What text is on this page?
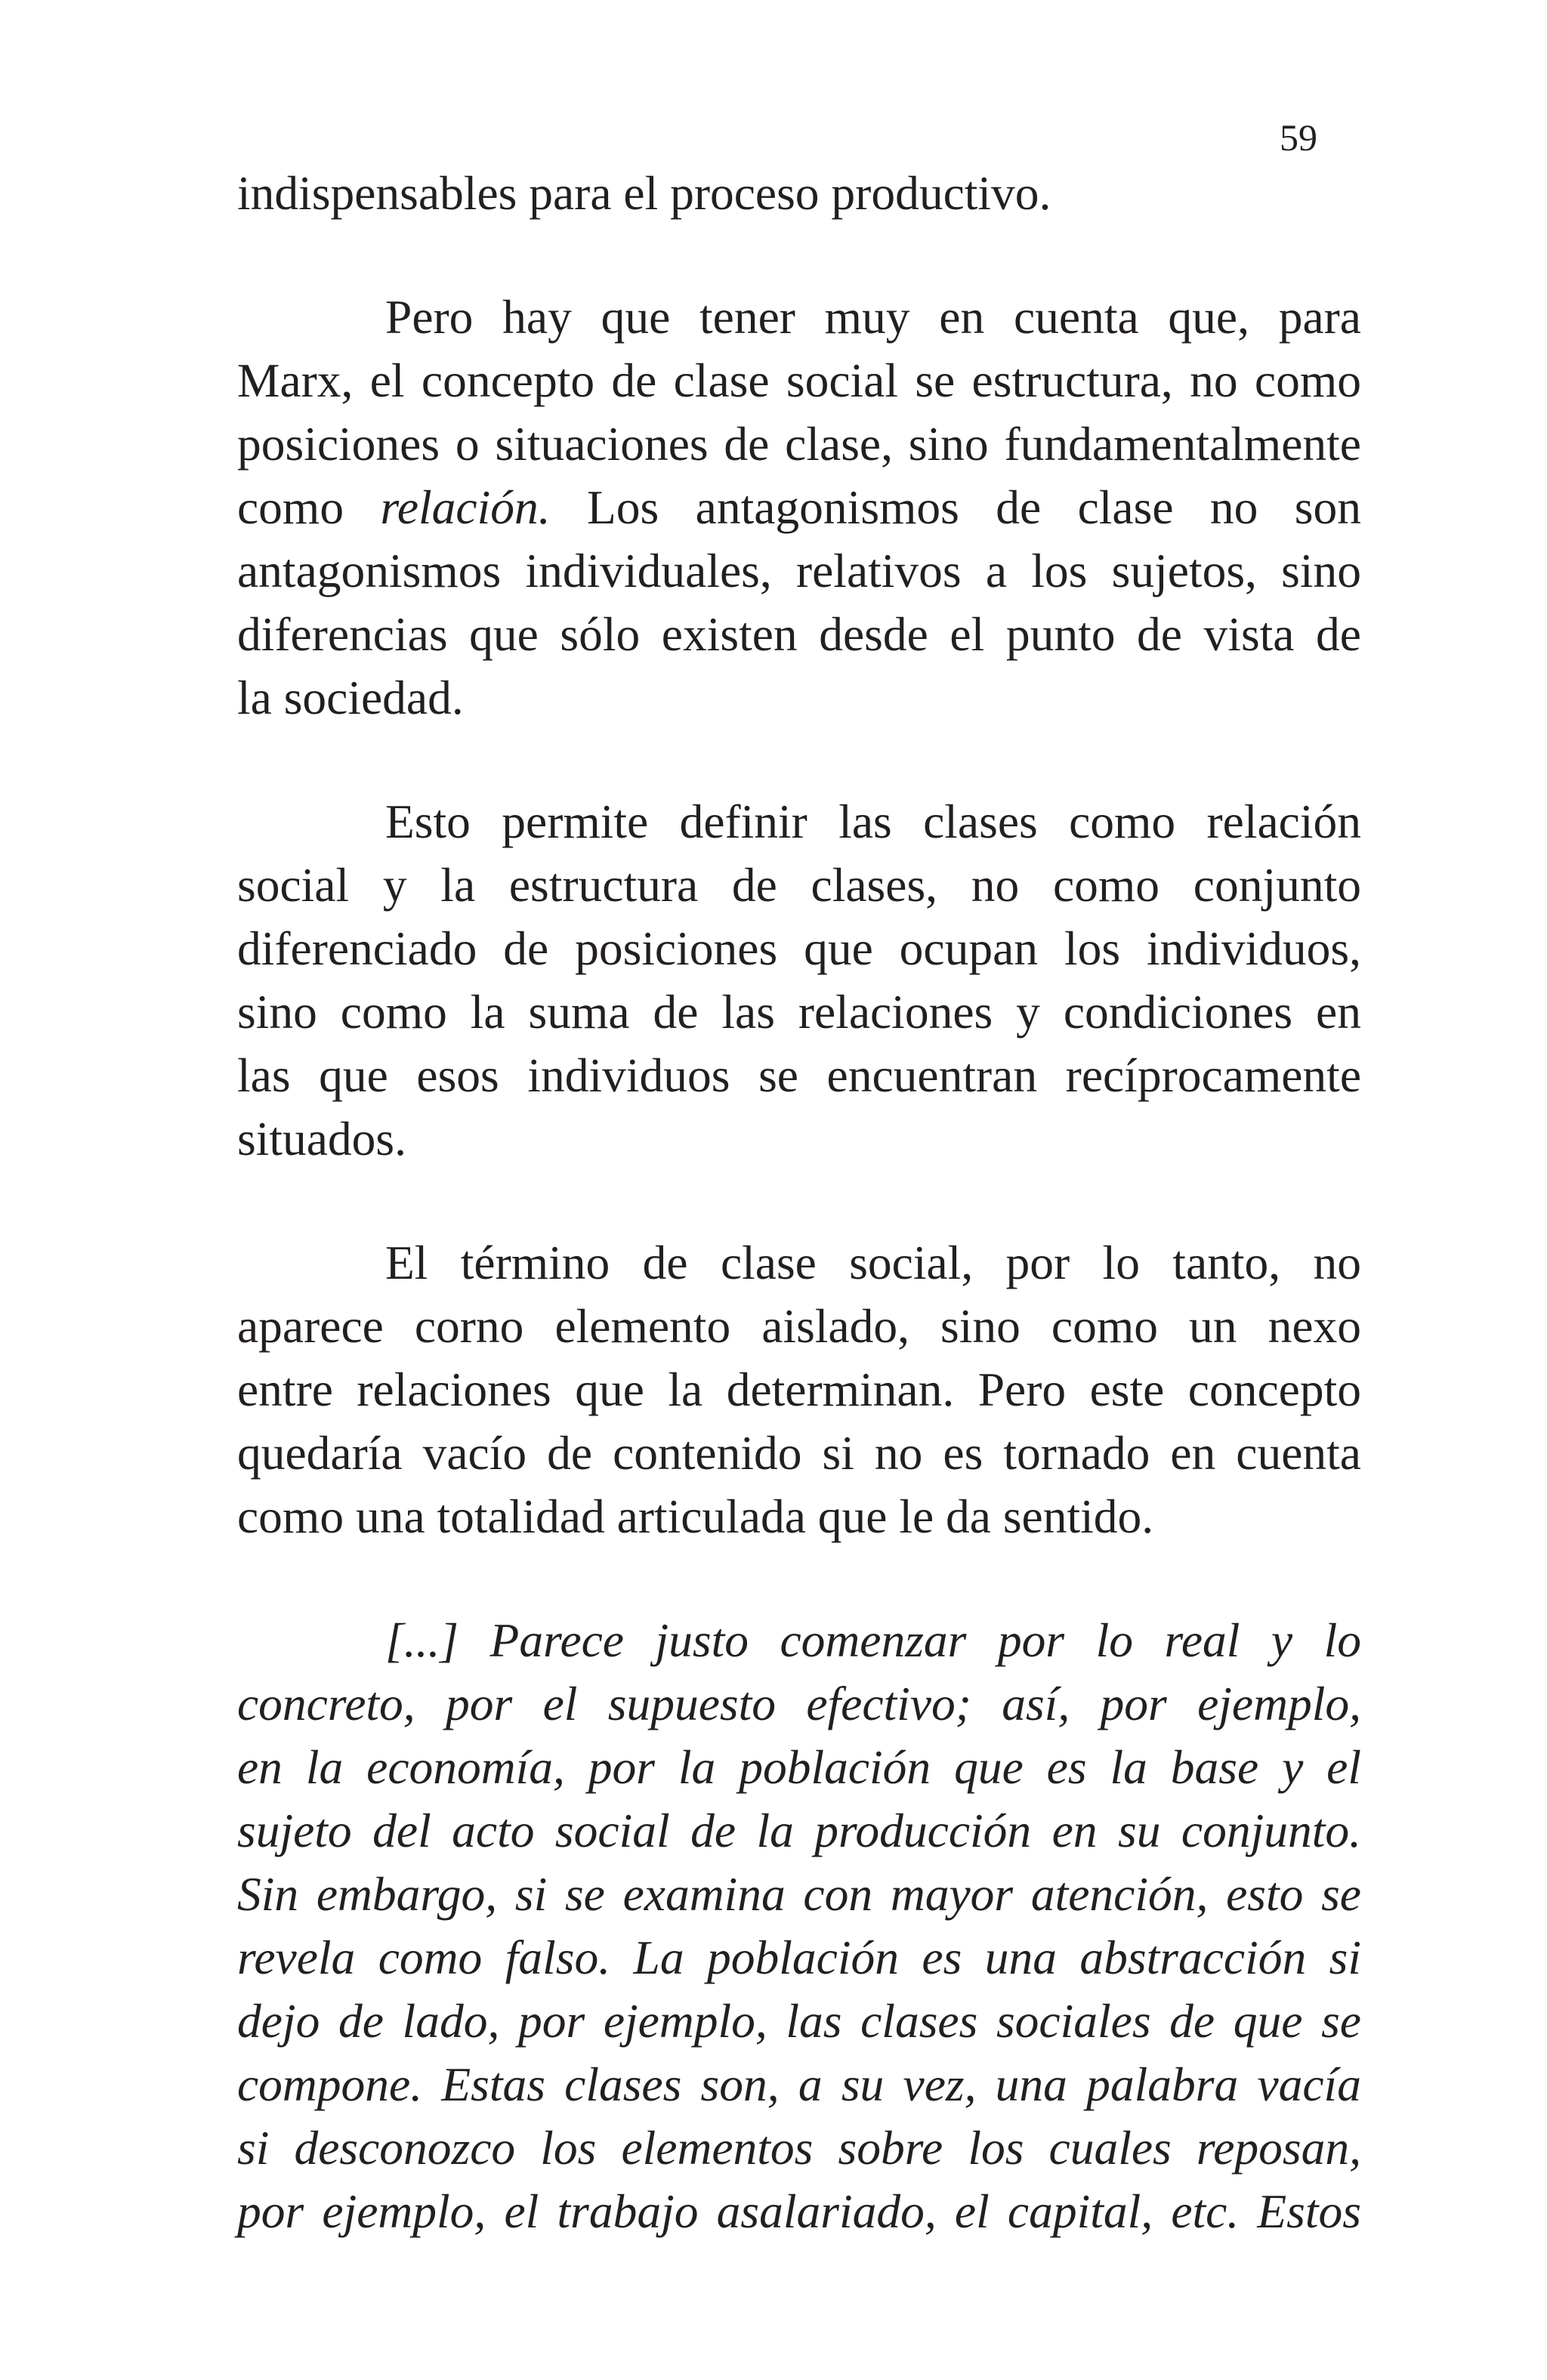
59

indispensables para el proceso productivo.

Pero hay que tener muy en cuenta que, para
Marx, el concepto de clase social se estructura, no como
posiciones o situaciones de clase, sino fundamentalmente
como relación. Los antagonismos de clase no son
antagonismos individuales, relativos a los sujetos, sino
diferencias que sólo existen desde el punto de vista de
la sociedad.

Esto permite definir las clases como relación
social y la estructura de clases, no como conjunto
diferenciado de posiciones que ocupan los individuos,
sino como la suma de las relaciones y condiciones en
las que esos individuos se encuentran recíprocamente
situados.

El término de clase social, por lo tanto, no
aparece corno elemento aislado, sino como un nexo
entre relaciones que la determinan. Pero este concepto
quedaría vacío de contenido si no es tornado en cuenta
como una totalidad articulada que le da sentido.

[...] Parece justo comenzar por lo real y lo
concreto, por el supuesto efectivo; así, por ejemplo,
en la economía, por la población que es la base y el
sujeto del acto social de la producción en su conjunto.
Sin embargo, si se examina con mayor atención, esto se
revela como falso. La población es una abstracción si
dejo de lado, por ejemplo, las clases sociales de que se
compone. Estas clases son, a su vez, una palabra vacía
si desconozco los elementos sobre los cuales reposan,
por ejemplo, el trabajo asalariado, el capital, etc. Estos
